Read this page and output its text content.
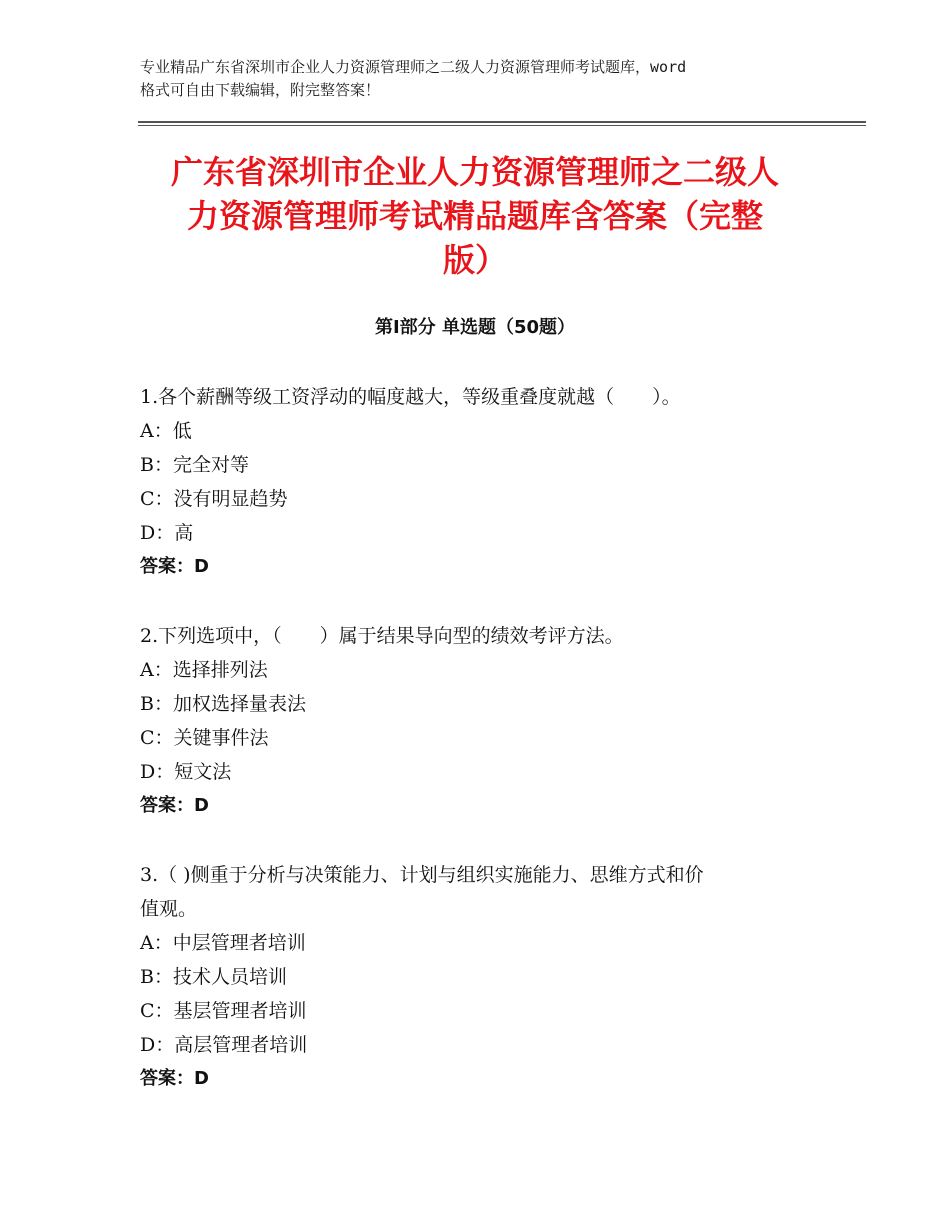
专业精品广东省深圳市企业人力资源管理师之二级人力资源管理师考试题库，word
格式可自由下载编辑，附完整答案！
广东省深圳市企业人力资源管理师之二级人
力资源管理师考试精品题库含答案（完整
版）
第Ⅰ部分 单选题（50题）

1.各个薪酬等级工资浮动的幅度越大，等级重叠度就越（　　）。

A：低

B：完全对等

C：没有明显趋势

D：高

答案：D

2.下列选项中，（　　）属于结果导向型的绩效考评方法。

A：选择排列法

B：加权选择量表法

C：关键事件法

D：短文法

答案：D

3.（ )侧重于分析与决策能力、计划与组织实施能力、思维方式和价

值观。

A：中层管理者培训

B：技术人员培训

C：基层管理者培训

D：高层管理者培训

答案：D
